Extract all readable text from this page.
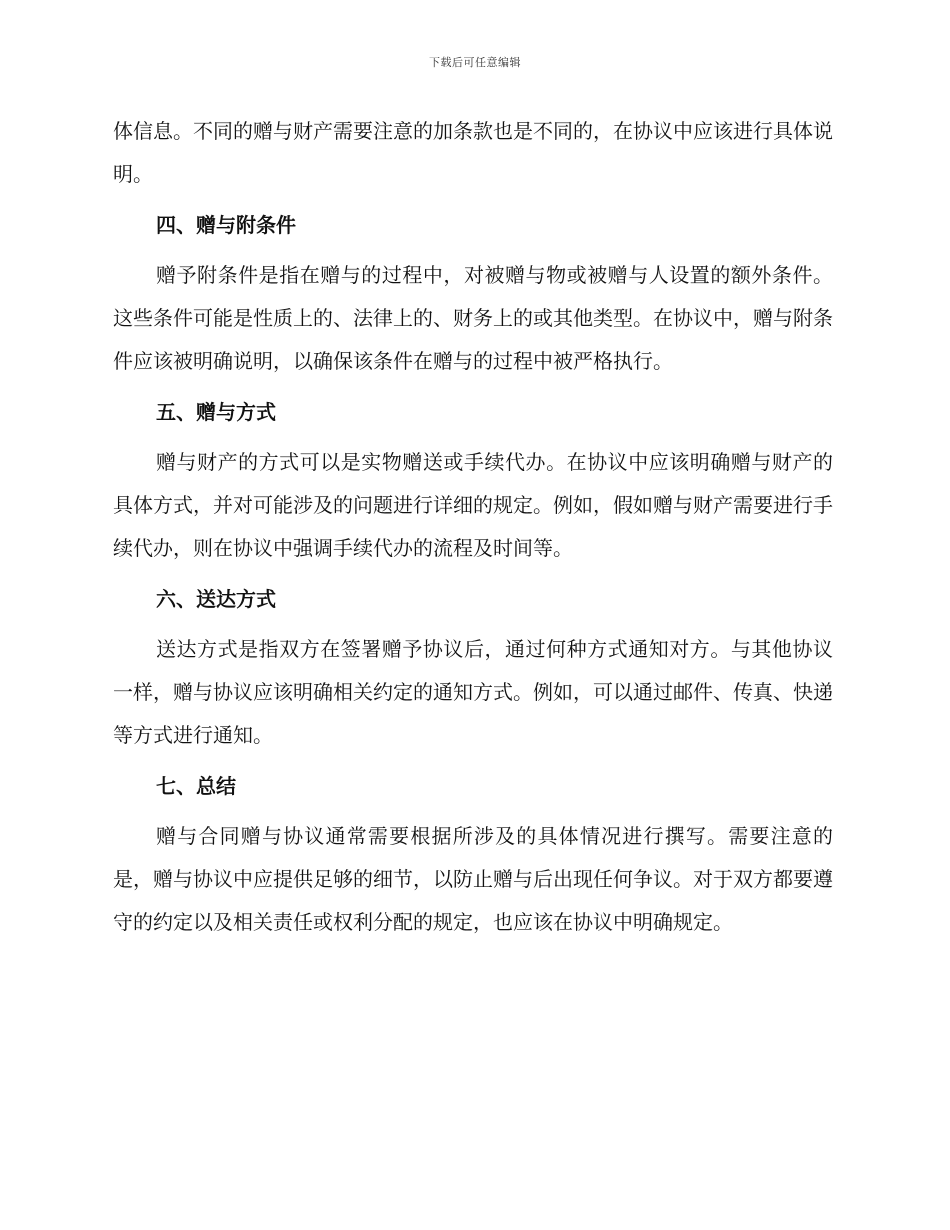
下载后可任意编辑

体信息。不同的赠与财产需要注意的加条款也是不同的，在协议中应该进行具体说明。

四、赠与附条件

赠予附条件是指在赠与的过程中，对被赠与物或被赠与人设置的额外条件。这些条件可能是性质上的、法律上的、财务上的或其他类型。在协议中，赠与附条件应该被明确说明，以确保该条件在赠与的过程中被严格执行。

五、赠与方式

赠与财产的方式可以是实物赠送或手续代办。在协议中应该明确赠与财产的具体方式，并对可能涉及的问题进行详细的规定。例如，假如赠与财产需要进行手续代办，则在协议中强调手续代办的流程及时间等。

六、送达方式

送达方式是指双方在签署赠予协议后，通过何种方式通知对方。与其他协议一样，赠与协议应该明确相关约定的通知方式。例如，可以通过邮件、传真、快递等方式进行通知。

七、总结

赠与合同赠与协议通常需要根据所涉及的具体情况进行撰写。需要注意的是，赠与协议中应提供足够的细节，以防止赠与后出现任何争议。对于双方都要遵守的约定以及相关责任或权利分配的规定，也应该在协议中明确规定。
